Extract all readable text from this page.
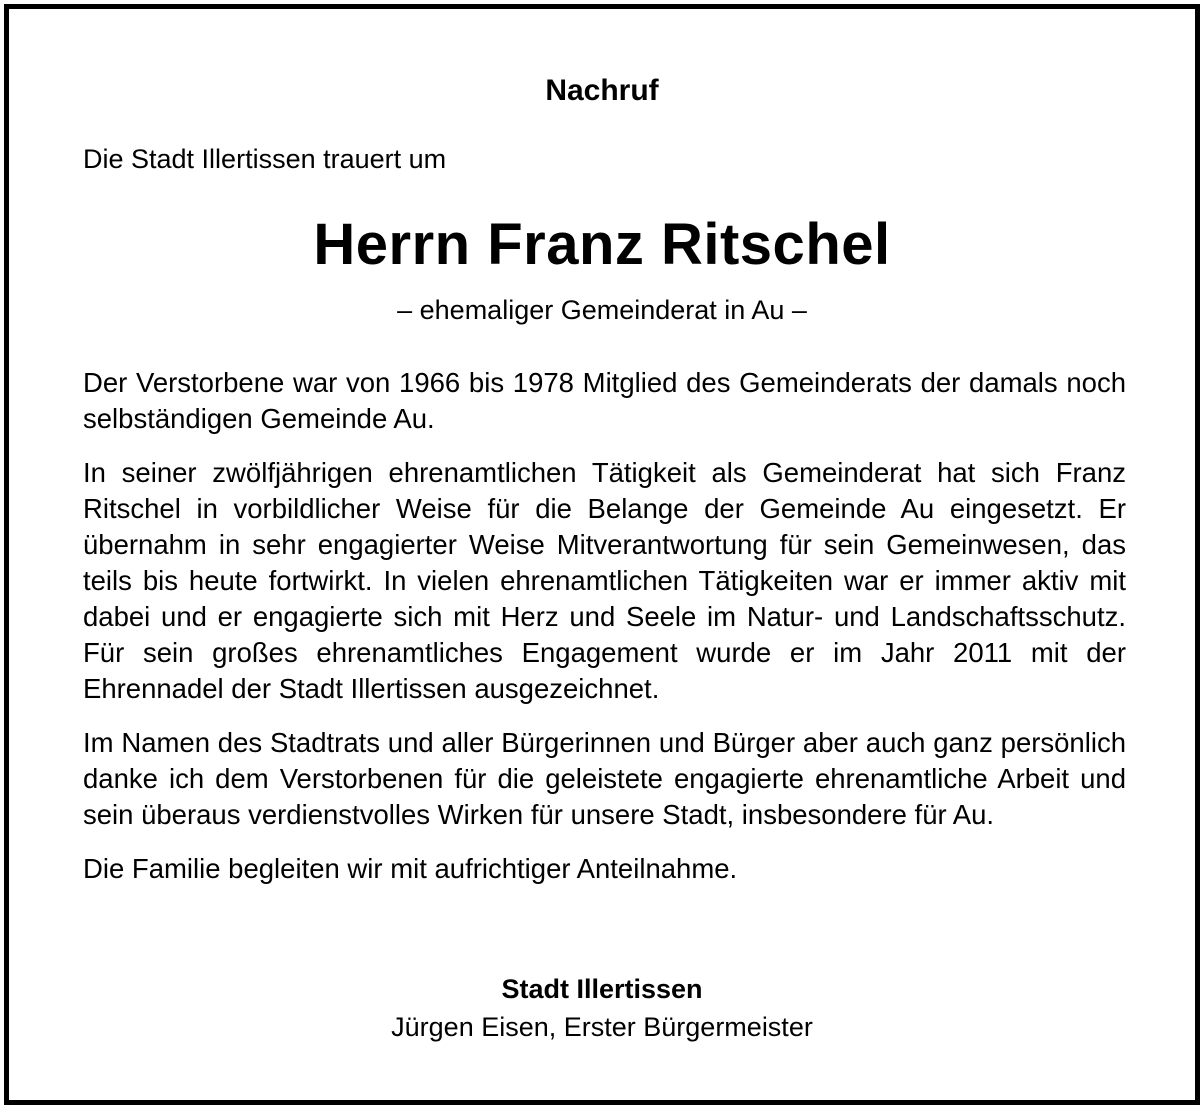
Nachruf
Die Stadt Illertissen trauert um
Herrn Franz Ritschel
– ehemaliger Gemeinderat in Au –

Der Verstorbene war von 1966 bis 1978 Mitglied des Gemeinderats der damals noch selbständigen Gemeinde Au.

In seiner zwölfjährigen ehrenamtlichen Tätigkeit als Gemeinderat hat sich Franz Ritschel in vorbildlicher Weise für die Belange der Gemeinde Au eingesetzt. Er übernahm in sehr engagierter Weise Mitverantwortung für sein Gemeinwesen, das teils bis heute fortwirkt. In vielen ehrenamtlichen Tätigkeiten war er immer aktiv mit dabei und er engagierte sich mit Herz und Seele im Natur- und Landschaftsschutz. Für sein großes ehrenamtliches Engagement wurde er im Jahr 2011 mit der Ehrennadel der Stadt Illertissen ausgezeichnet.

Im Namen des Stadtrats und aller Bürgerinnen und Bürger aber auch ganz persönlich danke ich dem Verstorbenen für die geleistete engagierte ehrenamtliche Arbeit und sein überaus verdienstvolles Wirken für unsere Stadt, insbesondere für Au.

Die Familie begleiten wir mit aufrichtiger Anteilnahme.

Stadt Illertissen
Jürgen Eisen, Erster Bürgermeister
